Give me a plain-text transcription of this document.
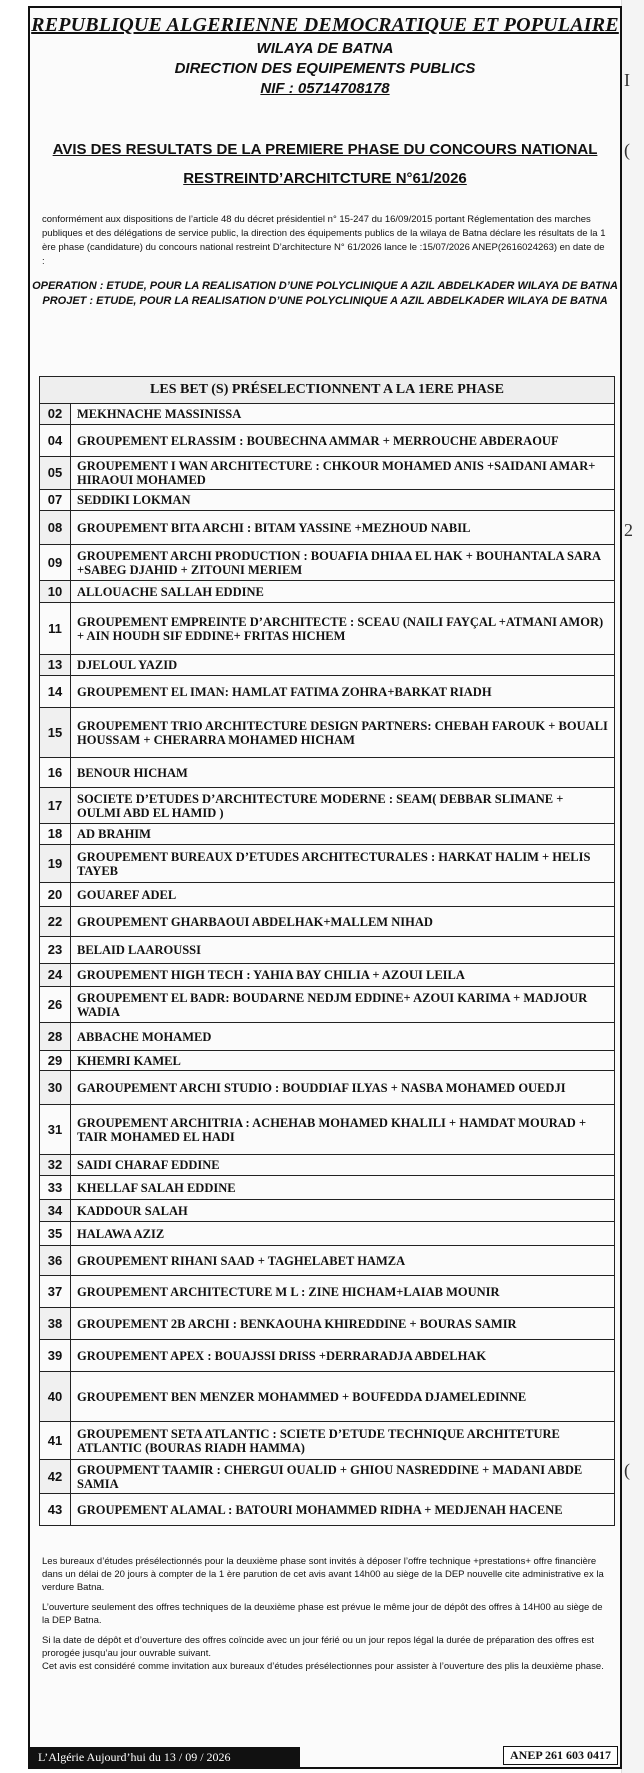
I
(
2
(
REPUBLIQUE ALGERIENNE DEMOCRATIQUE ET POPULAIRE
WILAYA DE BATNA
DIRECTION DES EQUIPEMENTS PUBLICS
NIF : 05714708178
AVIS DES RESULTATS DE LA PREMIERE PHASE DU CONCOURS NATIONAL
RESTREINTD’ARCHITCTURE N°61/2026
conformément aux dispositions de l’article 48 du décret présidentiel n° 15-247 du 16/09/2015 portant Réglementation des marches publiques et des délégations de service public, la direction des équipements publics de la wilaya de Batna déclare les résultats de la 1 ère phase (candidature) du concours national restreint D’architecture N° 61/2026 lance le :15/07/2026 ANEP(2616024263) en date de :
OPERATION : ETUDE, POUR LA REALISATION D’UNE POLYCLINIQUE A AZIL ABDELKADER WILAYA DE BATNA
PROJET : ETUDE, POUR LA REALISATION D’UNE POLYCLINIQUE A AZIL ABDELKADER WILAYA DE BATNA
LES BET (S) PRÉSELECTIONNENT A LA 1ERE PHASE	
02	MEKHNACHE MASSINISSA
04	GROUPEMENT ELRASSIM : BOUBECHNA AMMAR + MERROUCHE ABDERAOUF
05	GROUPEMENT I WAN ARCHITECTURE : CHKOUR MOHAMED ANIS +SAIDANI AMAR+ HIRAOUI MOHAMED
07	SEDDIKI LOKMAN
08	GROUPEMENT BITA ARCHI : BITAM YASSINE +MEZHOUD NABIL
09	GROUPEMENT ARCHI PRODUCTION : BOUAFIA DHIAA EL HAK + BOUHANTALA SARA +SABEG DJAHID + ZITOUNI MERIEM
10	ALLOUACHE SALLAH EDDINE
11	GROUPEMENT EMPREINTE D’ARCHITECTE : SCEAU (NAILI FAYÇAL +ATMANI AMOR) + AIN HOUDH SIF EDDINE+ FRITAS HICHEM
13	DJELOUL YAZID
14	GROUPEMENT EL IMAN: HAMLAT FATIMA ZOHRA+BARKAT RIADH
15	GROUPEMENT TRIO ARCHITECTURE DESIGN PARTNERS: CHEBAH FAROUK + BOUALI HOUSSAM + CHERARRA MOHAMED HICHAM
16	BENOUR HICHAM
17	SOCIETE D’ETUDES D’ARCHITECTURE MODERNE : SEAM( DEBBAR SLIMANE + OULMI ABD EL HAMID )
18	AD BRAHIM
19	GROUPEMENT BUREAUX D’ETUDES ARCHITECTURALES : HARKAT HALIM + HELIS TAYEB
20	GOUAREF ADEL
22	GROUPEMENT GHARBAOUI ABDELHAK+MALLEM NIHAD
23	BELAID LAAROUSSI
24	GROUPEMENT HIGH TECH : YAHIA BAY CHILIA + AZOUI LEILA
26	GROUPEMENT EL BADR: BOUDARNE NEDJM EDDINE+ AZOUI KARIMA + MADJOUR WADIA
28	ABBACHE MOHAMED
29	KHEMRI KAMEL
30	GAROUPEMENT ARCHI STUDIO : BOUDDIAF ILYAS + NASBA MOHAMED OUEDJI
31	GROUPEMENT ARCHITRIA : ACHEHAB MOHAMED KHALILI + HAMDAT MOURAD + TAIR MOHAMED EL HADI
32	SAIDI CHARAF EDDINE
33	KHELLAF SALAH EDDINE
34	KADDOUR SALAH
35	HALAWA AZIZ
36	GROUPEMENT RIHANI SAAD + TAGHELABET HAMZA
37	GROUPEMENT ARCHITECTURE M L : ZINE HICHAM+LAIAB MOUNIR
38	GROUPEMENT 2B ARCHI : BENKAOUHA KHIREDDINE + BOURAS SAMIR
39	GROUPEMENT APEX : BOUAJSSI DRISS +DERRARADJA ABDELHAK
40	GROUPEMENT BEN MENZER MOHAMMED + BOUFEDDA DJAMELEDINNE
41	GROUPEMENT SETA ATLANTIC : SCIETE D’ETUDE TECHNIQUE ARCHITETURE ATLANTIC (BOURAS RIADH HAMMA)
42	GROUPMENT TAAMIR : CHERGUI OUALID + GHIOU NASREDDINE + MADANI ABDE SAMIA
43	GROUPEMENT ALAMAL : BATOURI MOHAMMED RIDHA + MEDJENAH HACENE

Les bureaux d’études présélectionnés pour la deuxième phase sont invités à déposer l’offre technique +prestations+ offre financière dans un délai de 20 jours à compter de la 1 ère parution de cet avis avant 14h00 au siège de la DEP nouvelle cite administrative ex la verdure Batna.

L’ouverture seulement des offres techniques de la deuxième phase est prévue le même jour de dépôt des offres à 14H00 au siège de la DEP Batna.

Si la date de dépôt et d’ouverture des offres coïncide avec un jour férié ou un jour repos légal la durée de préparation des offres est prorogée jusqu’au jour ouvrable suivant.

Cet avis est considéré comme invitation aux bureaux d’études présélectionnes pour assister à l’ouverture des plis la deuxième phase.

L’Algérie Aujourd’hui du 13 / 09 / 2026	ANEP 261 603 0417
